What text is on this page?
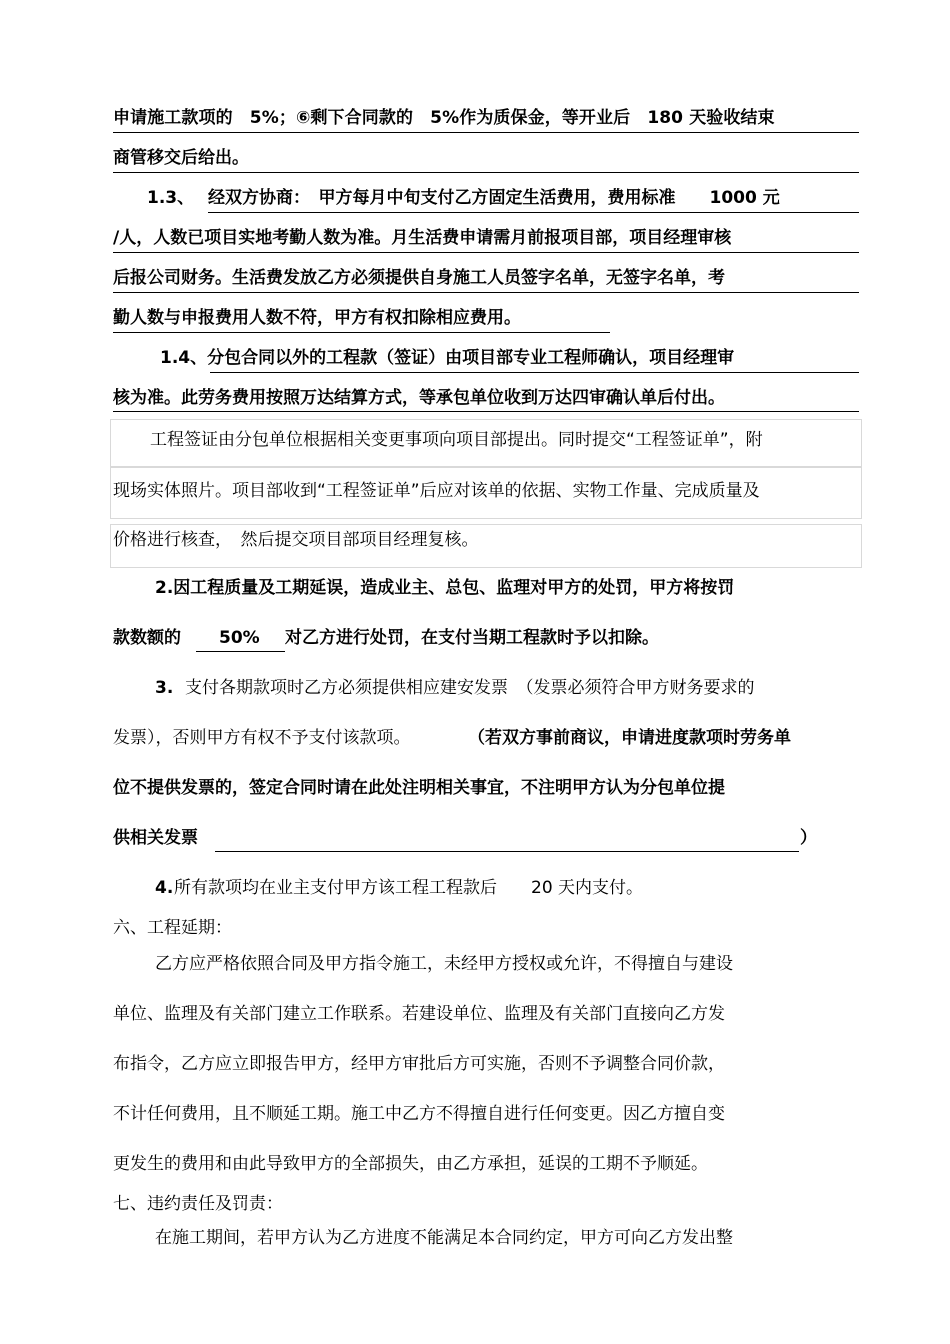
申请施工款项的　5%；⑥剩下合同款的　5%作为质保金，等开业后　180 天验收结束
商管移交后给出。
1.3、 经双方协商：　甲方每月中旬支付乙方固定生活费用，费用标准　　1000 元
/人，人数已项目实地考勤人数为准。月生活费申请需月前报项目部，项目经理审核
后报公司财务。生活费发放乙方必须提供自身施工人员签字名单，无签字名单，考
勤人数与申报费用人数不符，甲方有权扣除相应费用。
1.4、分包合同以外的工程款（签证）由项目部专业工程师确认，项目经理审
核为准。此劳务费用按照万达结算方式，等承包单位收到万达四审确认单后付出。
工程签证由分包单位根据相关变更事项向项目部提出。同时提交“工程签证单”，附
现场实体照片。项目部收到“工程签证单”后应对该单的依据、实物工作量、完成质量及
价格进行核查，　然后提交项目部项目经理复核。
2.因工程质量及工期延误，造成业主、总包、监理对甲方的处罚，甲方将按罚
款数额的 50% 对乙方进行处罚，在支付当期工程款时予以扣除。
3. 支付各期款项时乙方必须提供相应建安发票　（发票必须符合甲方财务要求的
发票），否则甲方有权不予支付该款项。	（若双方事前商议，申请进度款项时劳务单
位不提供发票的，签定合同时请在此处注明相关事宜，不注明甲方认为分包单位提
供相关发票	）
4. 所有款项均在业主支付甲方该工程工程款后　　20 天内支付。
六、工程延期：
乙方应严格依照合同及甲方指令施工，未经甲方授权或允许，不得擅自与建设
单位、监理及有关部门建立工作联系。若建设单位、监理及有关部门直接向乙方发
布指令，乙方应立即报告甲方，经甲方审批后方可实施，否则不予调整合同价款，
不计任何费用，且不顺延工期。施工中乙方不得擅自进行任何变更。因乙方擅自变
更发生的费用和由此导致甲方的全部损失，由乙方承担，延误的工期不予顺延。
七、违约责任及罚责：
在施工期间，若甲方认为乙方进度不能满足本合同约定，甲方可向乙方发出整
